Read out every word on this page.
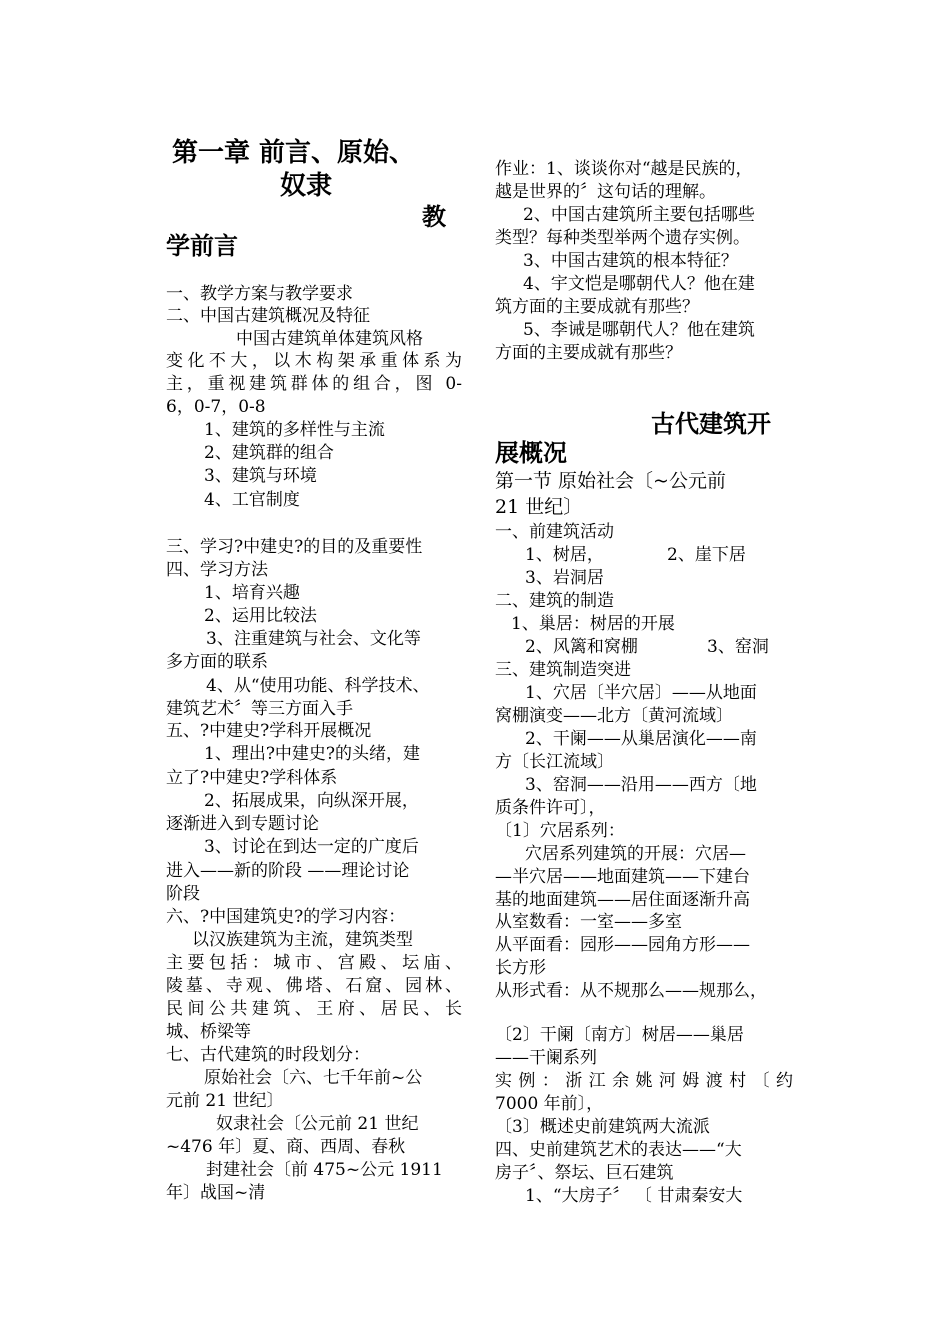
第一章 前言、原始、
奴隶
教
学前言
一、教学方案与教学要求
二、中国古建筑概况及特征
中国古建筑单体建筑风格
变化不大，以木构架承重体系为
主，重视建筑群体的组合，图 0-
6，0-7，0-8
1、建筑的多样性与主流
2、建筑群的组合
3、建筑与环境
4、工官制度
三、学习?中建史?的目的及重要性
四、学习方法
1、培育兴趣
2、运用比较法
3、注重建筑与社会、文化等
多方面的联系
4、从“使用功能、科学技术、
建筑艺术〞等三方面入手
五、?中建史?学科开展概况
1、理出?中建史?的头绪，建
立了?中建史?学科体系
2、拓展成果，向纵深开展，
逐渐进入到专题讨论
3、讨论在到达一定的广度后
进入——新的阶段 ——理论讨论
阶段
六、?中国建筑史?的学习内容：
以汉族建筑为主流，建筑类型
主要包括：城市、宫殿、坛庙、
陵墓、寺观、佛塔、石窟、园林、
民间公共建筑、王府、居民、长
城、桥梁等
七、古代建筑的时段划分：
原始社会〔六、七千年前~公
元前 21 世纪〕
奴隶社会〔公元前 21 世纪
~476 年〕夏、商、西周、春秋
封建社会〔前 475~公元 1911
年〕战国~清
作业：1、谈谈你对“越是民族的，
越是世界的〞这句话的理解。
2、中国古建筑所主要包括哪些
类型？每种类型举两个遗存实例。
3、中国古建筑的根本特征？
4、宇文恺是哪朝代人？他在建
筑方面的主要成就有那些？
5、李诫是哪朝代人？他在建筑
方面的主要成就有那些？
古代建筑开
展概况
第一节 原始社会〔~公元前
21 世纪〕
一、前建筑活动
1、树居，	2、崖下居
3、岩洞居
二、建筑的制造
1、巢居：树居的开展
2、风篱和窝棚	3、窑洞
三、建筑制造突进
1、穴居〔半穴居〕——从地面
窝棚演变——北方〔黄河流域〕
2、干阑——从巢居演化——南
方〔长江流域〕
3、窑洞——沿用——西方〔地
质条件许可〕，
〔1〕穴居系列：
穴居系列建筑的开展：穴居—
—半穴居——地面建筑——下建台
基的地面建筑——居住面逐渐升高
从室数看：一室——多室
从平面看：园形——园角方形——
长方形
从形式看：从不规那么——规那么，
〔2〕干阑〔南方〕树居——巢居
——干阑系列
实例：浙江余姚河姆渡村〔约
7000 年前〕，
〔3〕概述史前建筑两大流派
四、史前建筑艺术的表达——“大
房子〞、祭坛、巨石建筑
1、“大房子〞 〔 甘肃秦安大
